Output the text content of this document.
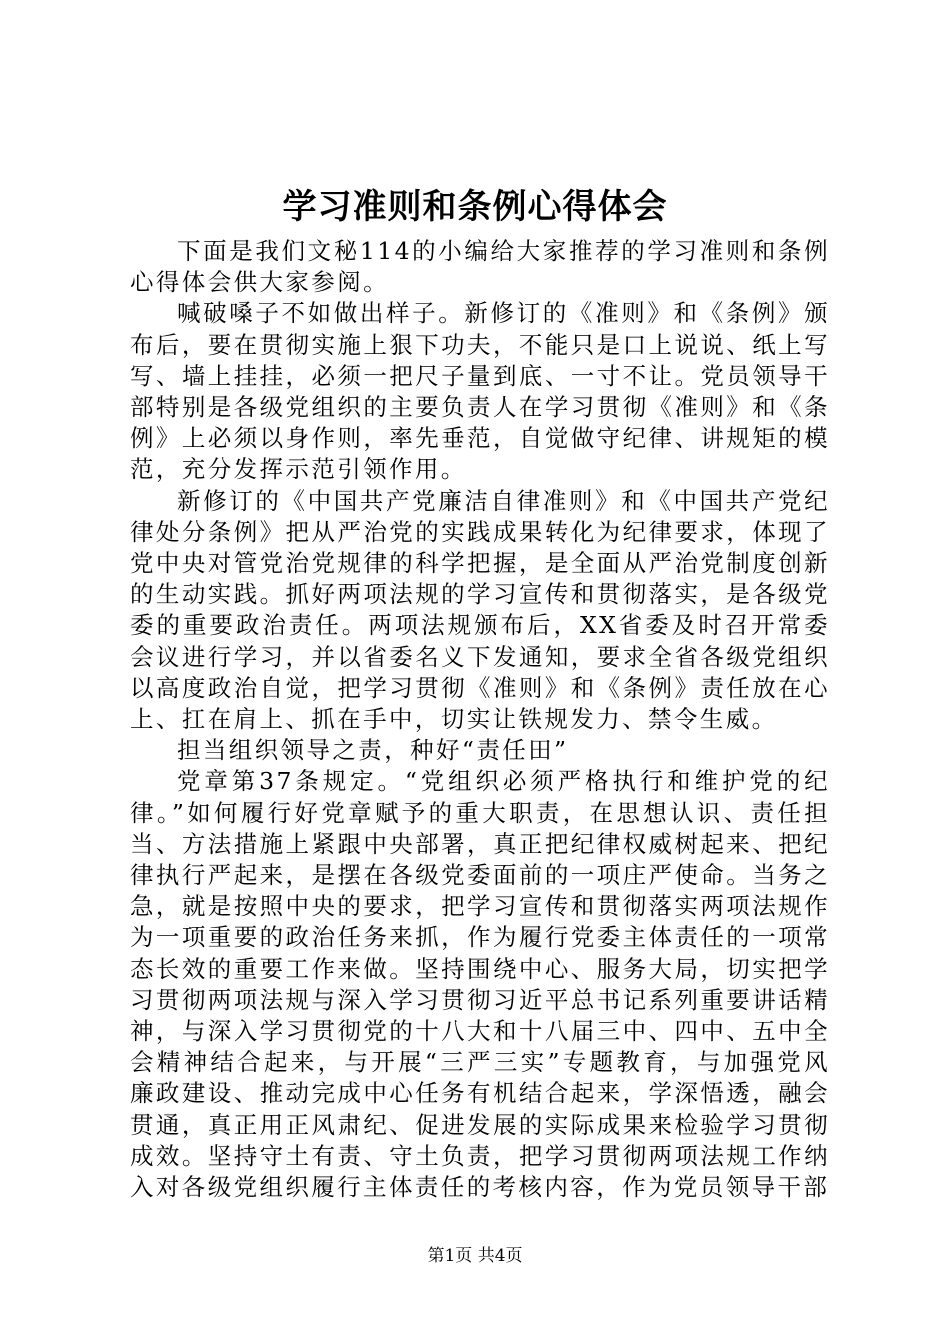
学习准则和条例心得体会

下面是我们文秘114的小编给大家推荐的学习准则和条例心得体会供大家参阅。

喊破嗓子不如做出样子。新修订的《准则》和《条例》颁布后，要在贯彻实施上狠下功夫，不能只是口上说说、纸上写写、墙上挂挂，必须一把尺子量到底、一寸不让。党员领导干部特别是各级党组织的主要负责人在学习贯彻《准则》和《条例》上必须以身作则，率先垂范，自觉做守纪律、讲规矩的模范，充分发挥示范引领作用。

新修订的《中国共产党廉洁自律准则》和《中国共产党纪律处分条例》把从严治党的实践成果转化为纪律要求，体现了党中央对管党治党规律的科学把握，是全面从严治党制度创新的生动实践。抓好两项法规的学习宣传和贯彻落实，是各级党委的重要政治责任。两项法规颁布后，XX省委及时召开常委会议进行学习，并以省委名义下发通知，要求全省各级党组织以高度政治自觉，把学习贯彻《准则》和《条例》责任放在心上、扛在肩上、抓在手中，切实让铁规发力、禁令生威。

担当组织领导之责，种好“责任田”

党章第37条规定。“党组织必须严格执行和维护党的纪律。”如何履行好党章赋予的重大职责，在思想认识、责任担当、方法措施上紧跟中央部署，真正把纪律权威树起来、把纪律执行严起来，是摆在各级党委面前的一项庄严使命。当务之急，就是按照中央的要求，把学习宣传和贯彻落实两项法规作为一项重要的政治任务来抓，作为履行党委主体责任的一项常态长效的重要工作来做。坚持围绕中心、服务大局，切实把学习贯彻两项法规与深入学习贯彻习近平总书记系列重要讲话精神，与深入学习贯彻党的十八大和十八届三中、四中、五中全会精神结合起来，与开展“三严三实”专题教育，与加强党风廉政建设、推动完成中心任务有机结合起来，学深悟透，融会贯通，真正用正风肃纪、促进发展的实际成果来检验学习贯彻成效。坚持守土有责、守土负责，把学习贯彻两项法规工作纳入对各级党组织履行主体责任的考核内容，作为党员领导干部

第1页 共4页
